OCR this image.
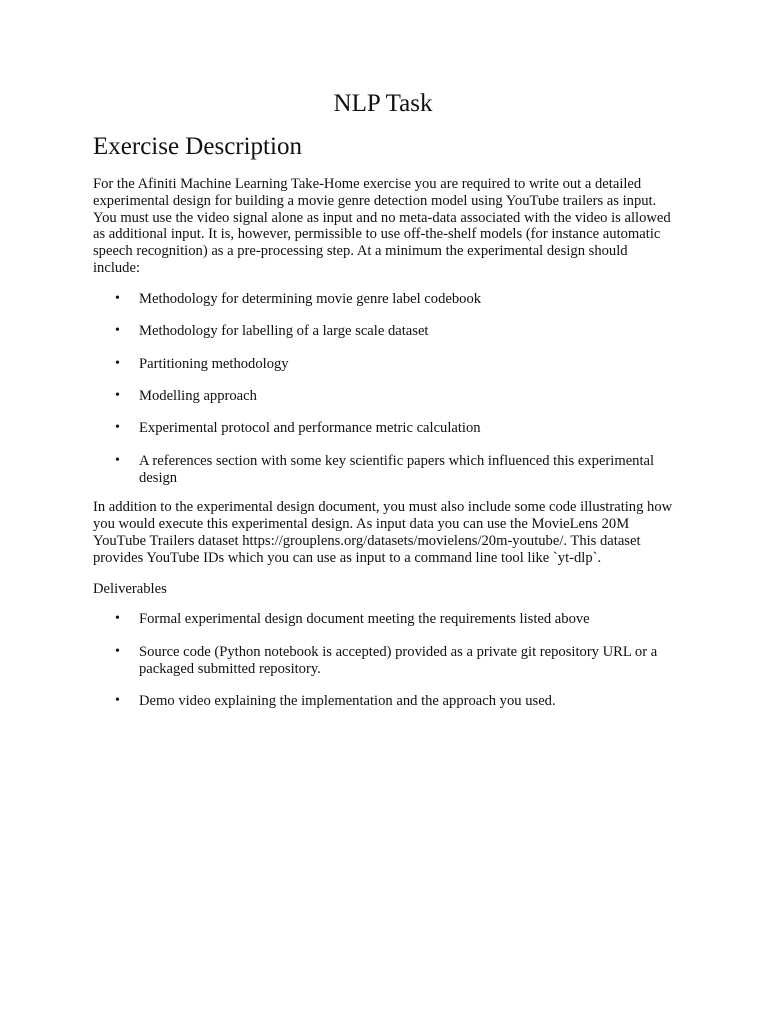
NLP Task
Exercise Description

For the Afiniti Machine Learning Take-Home exercise you are required to write out a detailed experimental design for building a movie genre detection model using YouTube trailers as input. You must use the video signal alone as input and no meta-data associated with the video is allowed as additional input. It is, however, permissible to use off-the-shelf models (for instance automatic speech recognition) as a pre-processing step. At a minimum the experimental design should include:

• Methodology for determining movie genre label codebook
• Methodology for labelling of a large scale dataset
• Partitioning methodology
• Modelling approach
• Experimental protocol and performance metric calculation
• A references section with some key scientific papers which influenced this experimental design

In addition to the experimental design document, you must also include some code illustrating how you would execute this experimental design. As input data you can use the MovieLens 20M YouTube Trailers dataset https://grouplens.org/datasets/movielens/20m-youtube/. This dataset provides YouTube IDs which you can use as input to a command line tool like `yt-dlp`.

Deliverables

• Formal experimental design document meeting the requirements listed above
• Source code (Python notebook is accepted) provided as a private git repository URL or a packaged submitted repository.
• Demo video explaining the implementation and the approach you used.
